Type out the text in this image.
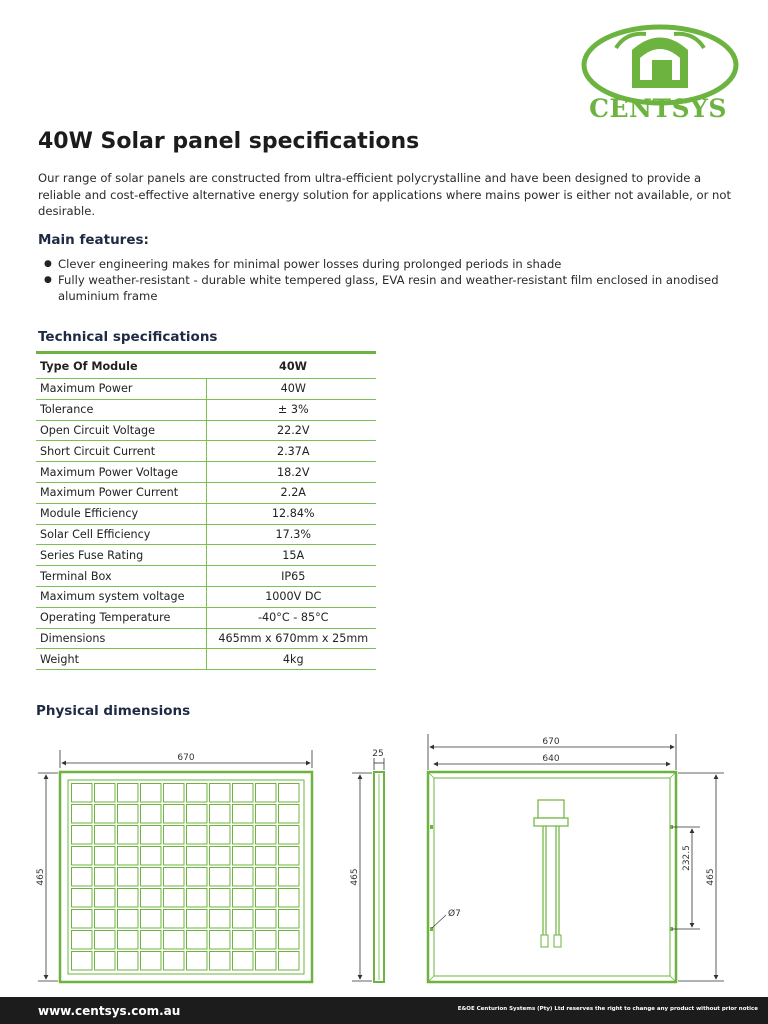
CENTSYS
40W Solar panel specifications

Our range of solar panels are constructed from ultra-efficient polycrystalline and have been designed to provide a reliable and cost-effective alternative energy solution for applications where mains power is either not available, or not desirable.

Main features:
● Clever engineering makes for minimal power losses during prolonged periods in shade
● Fully weather-resistant - durable white tempered glass, EVA resin and weather-resistant film enclosed in anodised aluminium frame
Technical specifications
Type Of Module	40W
Maximum Power	40W
Tolerance	± 3%
Open Circuit Voltage	22.2V
Short Circuit Current	2.37A
Maximum Power Voltage	18.2V
Maximum Power Current	2.2A
Module Efficiency	12.84%
Solar Cell Efficiency	17.3%
Series Fuse Rating	15A
Terminal Box	IP65
Maximum system voltage	1000V DC
Operating Temperature	-40°C - 85°C
Dimensions	465mm x 670mm x 25mm
Weight	4kg
Physical dimensions
670
465
25
465
670
640
Ø7
232.5
465
www.centsys.com.au	E&OE Centurion Systems (Pty) Ltd reserves the right to change any product without prior notice
